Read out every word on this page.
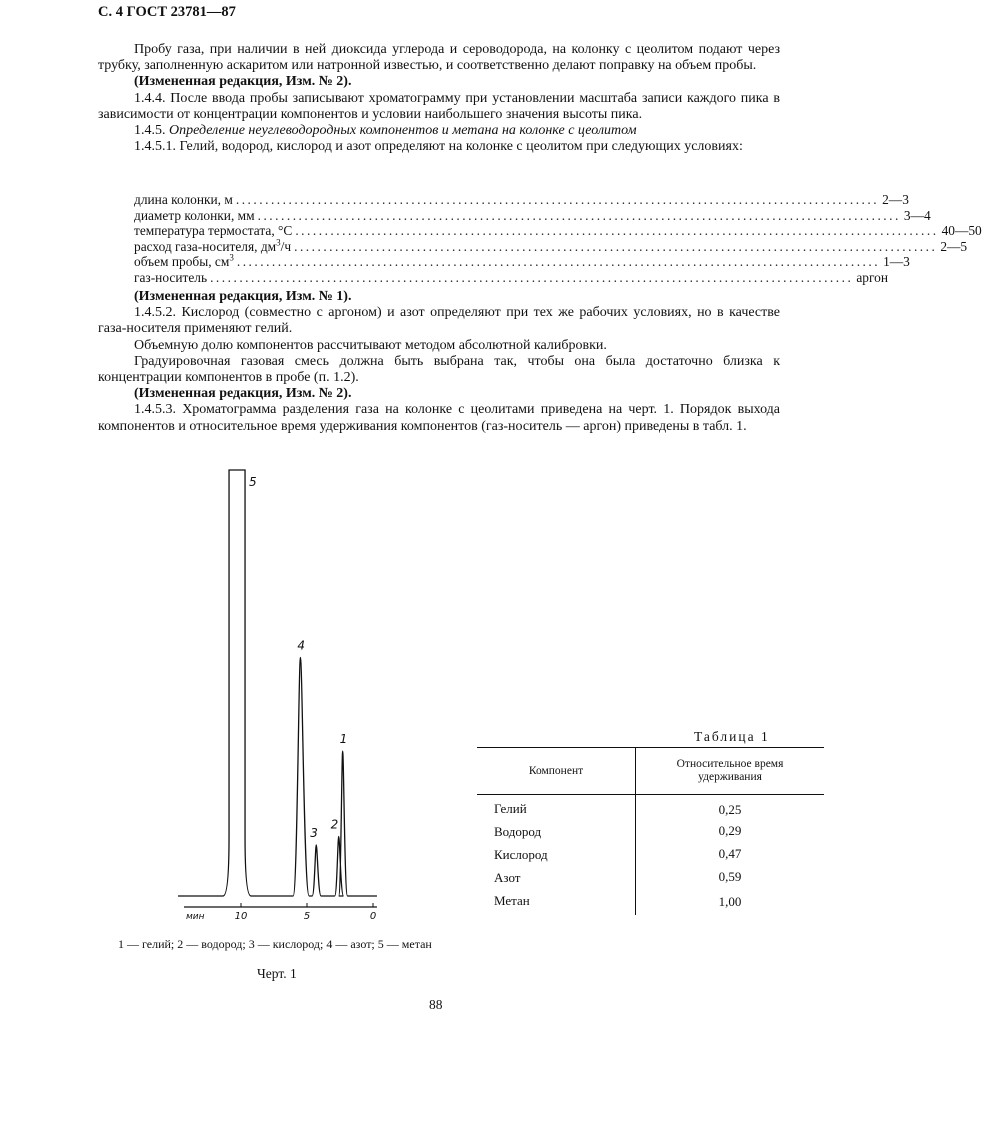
С. 4 ГОСТ 23781—87

Пробу газа, при наличии в ней диоксида углерода и сероводорода, на колонку с цеолитом подают через трубку, заполненную аскаритом или натронной известью, и соответственно делают поправку на объем пробы.

(Измененная редакция, Изм. № 2).

1.4.4. После ввода пробы записывают хроматограмму при установлении масштаба записи каждого пика в зависимости от концентрации компонентов и условии наибольшего значения высоты пика.

1.4.5. Определение неуглеводородных компонентов и метана на колонке с цеолитом

1.4.5.1. Гелий, водород, кислород и азот определяют на колонке с цеолитом при следующих условиях:

длина колонки, м .............................................................................................................. 2—3
диаметр колонки, мм .............................................................................................................. 3—4
температура термостата, °С .............................................................................................................. 40—50
расход газа-носителя, $дм^3/ч$ .............................................................................................................. 2—5
объем пробы, $см^3$ .............................................................................................................. 1—3
газ-носитель .............................................................................................................. аргон

(Измененная редакция, Изм. № 1).

1.4.5.2. Кислород (совместно с аргоном) и азот определяют при тех же рабочих условиях, но в качестве газа-носителя применяют гелий.

Объемную долю компонентов рассчитывают методом абсолютной калибровки.

Градуировочная газовая смесь должна быть выбрана так, чтобы она была достаточно близка к концентрации компонентов в пробе (п. 1.2).

(Измененная редакция, Изм. № 2).

1.4.5.3. Хроматограмма разделения газа на колонке с цеолитами приведена на черт. 1. Порядок выхода компонентов и относительное время удерживания компонентов (газ-носитель — аргон) приведены в табл. 1.

1
2
3
4
5
10	5	0
мин
1 — гелий; 2 — водород; 3 — кислород; 4 — азот; 5 — метан
Черт. 1
Таблица 1
Компонент	Относительное время удерживания
Гелий	0,25
Водород	0,29
Кислород	0,47
Азот	0,59
Метан	1,00
88
